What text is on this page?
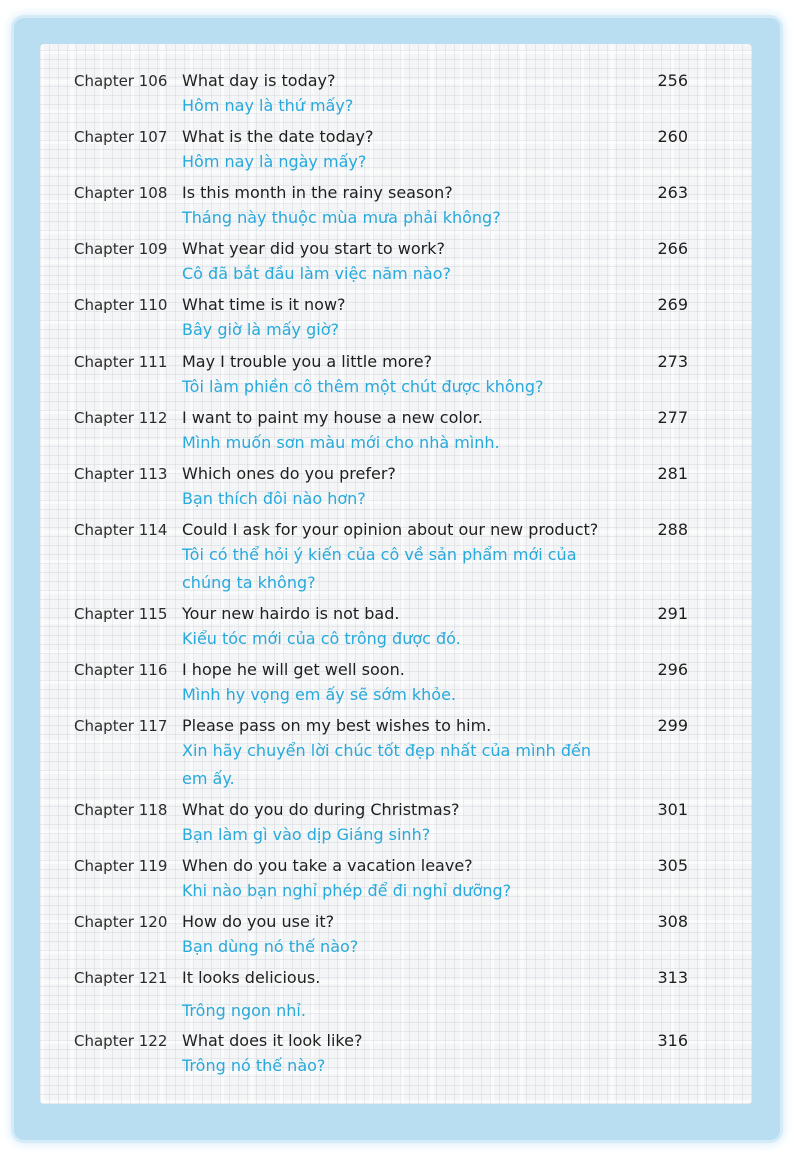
Chapter 106 What day is today?	256
Hôm nay là thứ mấy?
Chapter 107 What is the date today?	260
Hôm nay là ngày mấy?
Chapter 108 Is this month in the rainy season?	263
Tháng này thuộc mùa mưa phải không?
Chapter 109 What year did you start to work?	266
Cô đã bắt đầu làm việc năm nào?
Chapter 110 What time is it now?	269
Bây giờ là mấy giờ?
Chapter 111 May I trouble you a little more?	273
Tôi làm phiền cô thêm một chút được không?
Chapter 112 I want to paint my house a new color.	277
Mình muốn sơn màu mới cho nhà mình.
Chapter 113 Which ones do you prefer?	281
Bạn thích đôi nào hơn?
Chapter 114 Could I ask for your opinion about our new product?	288
Tôi có thể hỏi ý kiến của cô về sản phẩm mới của
chúng ta không?
Chapter 115 Your new hairdo is not bad.	291
Kiểu tóc mới của cô trông được đó.
Chapter 116 I hope he will get well soon.	296
Mình hy vọng em ấy sẽ sớm khỏe.
Chapter 117 Please pass on my best wishes to him.	299
Xin hãy chuyển lời chúc tốt đẹp nhất của mình đến
em ấy.
Chapter 118 What do you do during Christmas?	301
Bạn làm gì vào dịp Giáng sinh?
Chapter 119 When do you take a vacation leave?	305
Khi nào bạn nghỉ phép để đi nghỉ dưỡng?
Chapter 120 How do you use it?	308
Bạn dùng nó thế nào?
Chapter 121 It looks delicious.	313
Trông ngon nhỉ.
Chapter 122 What does it look like?	316
Trông nó thế nào?
